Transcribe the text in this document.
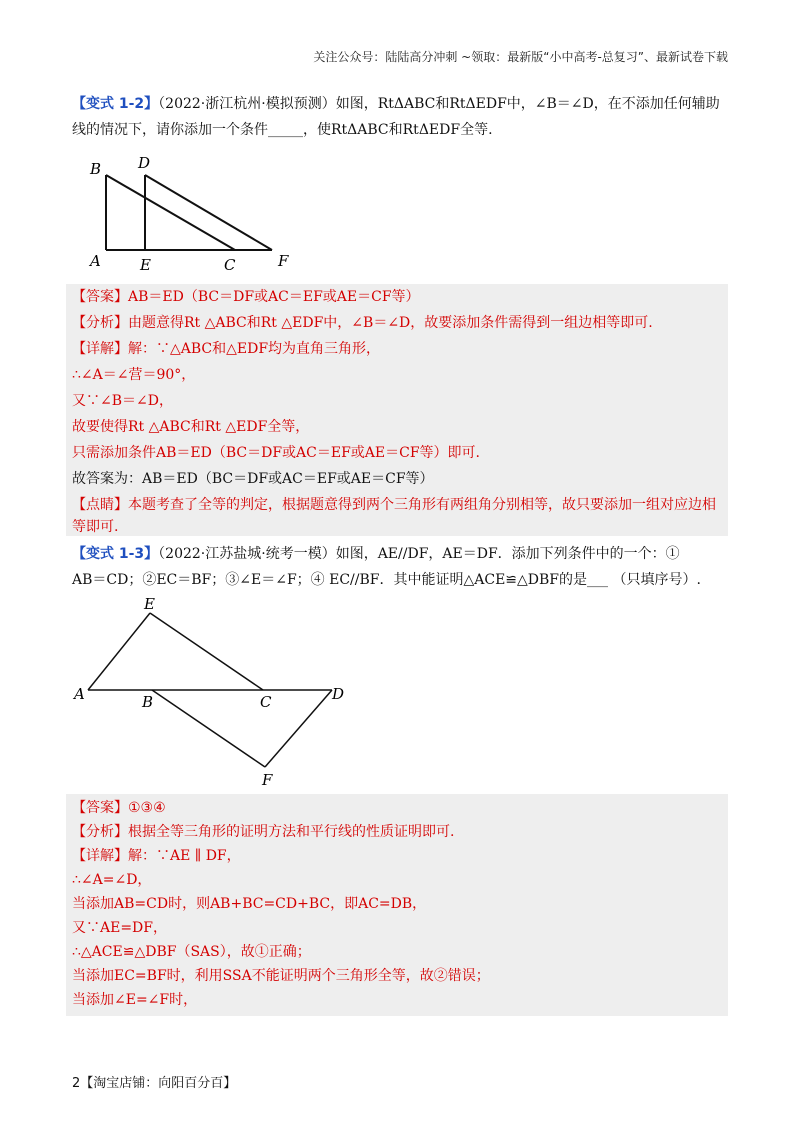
关注公众号：陆陆高分冲刺 ~领取：最新版“小中高考-总复习”、最新试卷下载
【变式 1-2】（2022·浙江杭州·模拟预测）如图，RtΔABC和RtΔEDF中，∠B＝∠D，在不添加任何辅助
线的情况下，请你添加一个条件_____，使RtΔABC和RtΔEDF全等.
B D
A	E	C	F
【答案】AB＝ED（BC＝DF或AC＝EF或AE＝CF等）
【分析】由题意得Rt △ABC和Rt △EDF中，∠B＝∠D，故要添加条件需得到一组边相等即可.
【详解】解：∵△ABC和△EDF均为直角三角形，
∴∠A＝∠营＝90°，
又∵∠B＝∠D，
故要使得Rt △ABC和Rt △EDF全等，
只需添加条件AB＝ED（BC＝DF或AC＝EF或AE＝CF等）即可.
故答案为：AB＝ED（BC＝DF或AC＝EF或AE＝CF等）
【点睛】本题考查了全等的判定，根据题意得到两个三角形有两组角分别相等，故只要添加一组对应边相
等即可.
【变式 1-3】（2022·江苏盐城·统考一模）如图，AE//DF，AE＝DF．添加下列条件中的一个：①
AB＝CD；②EC＝BF；③∠E＝∠F；④ EC//BF．其中能证明△ACE≌△DBF的是___ （只填序号）.
E
A	B	C	D
F
【答案】①③④
【分析】根据全等三角形的证明方法和平行线的性质证明即可.
【详解】解：∵AE ∥ DF，
∴∠A=∠D，
当添加AB=CD时，则AB+BC=CD+BC，即AC=DB，
又∵AE=DF，
∴△ACE≌△DBF（SAS），故①正确；
当添加EC=BF时，利用SSA不能证明两个三角形全等，故②错误；
当添加∠E=∠F时，
2【淘宝店铺：向阳百分百】
